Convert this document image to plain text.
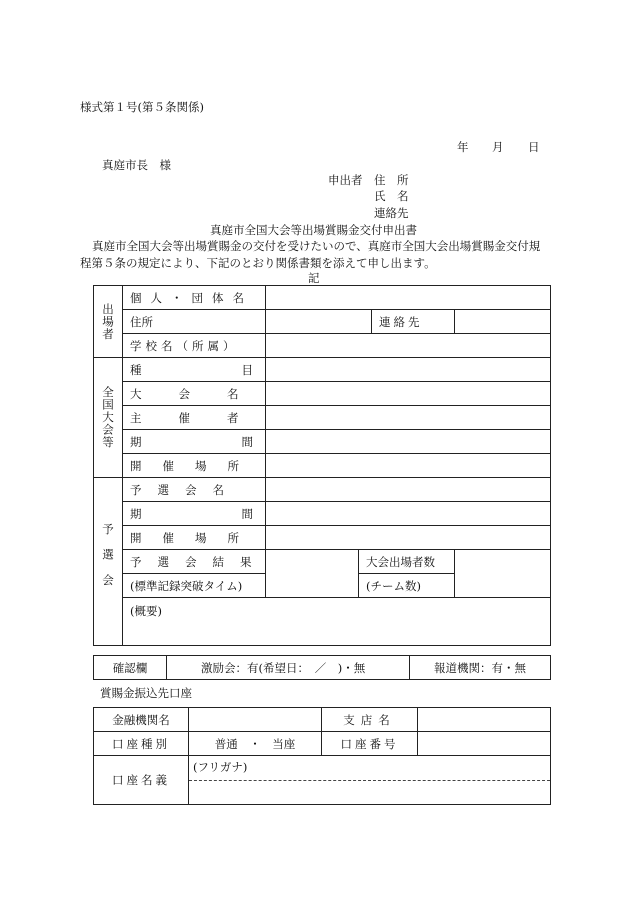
様式第１号(第５条関係)
年 月 日
真庭市長　様
申出者 住　所
氏　名
連絡先
真庭市全国大会等出場賞賜金交付申出書
真庭市全国大会等出場賞賜金の交付を受けたいので、真庭市全国大会出場賞賜金交付規
程第５条の規定により、下記のとおり関係書類を添えて申し出ます。
記
出場者	個人・団体名				

	住所			連絡先	
	学校名（所属）				

全国大会等	種目				
	大会名				
	主催者				
	期間				
	開催場所				

予選会	予選会名				
	期間				
	開催場所				
	予選会結果		大会出場者数		
	(標準記録突破タイム)		(チーム数)		
	(概要)				

確認欄	激励会：有(希望日：　／　)・無	報道機関：有・無
賞賜金振込先口座
金融機関名		支店名	
口座種別	普通　・　当座	口座番号	
口座名義	(フリガナ)		
